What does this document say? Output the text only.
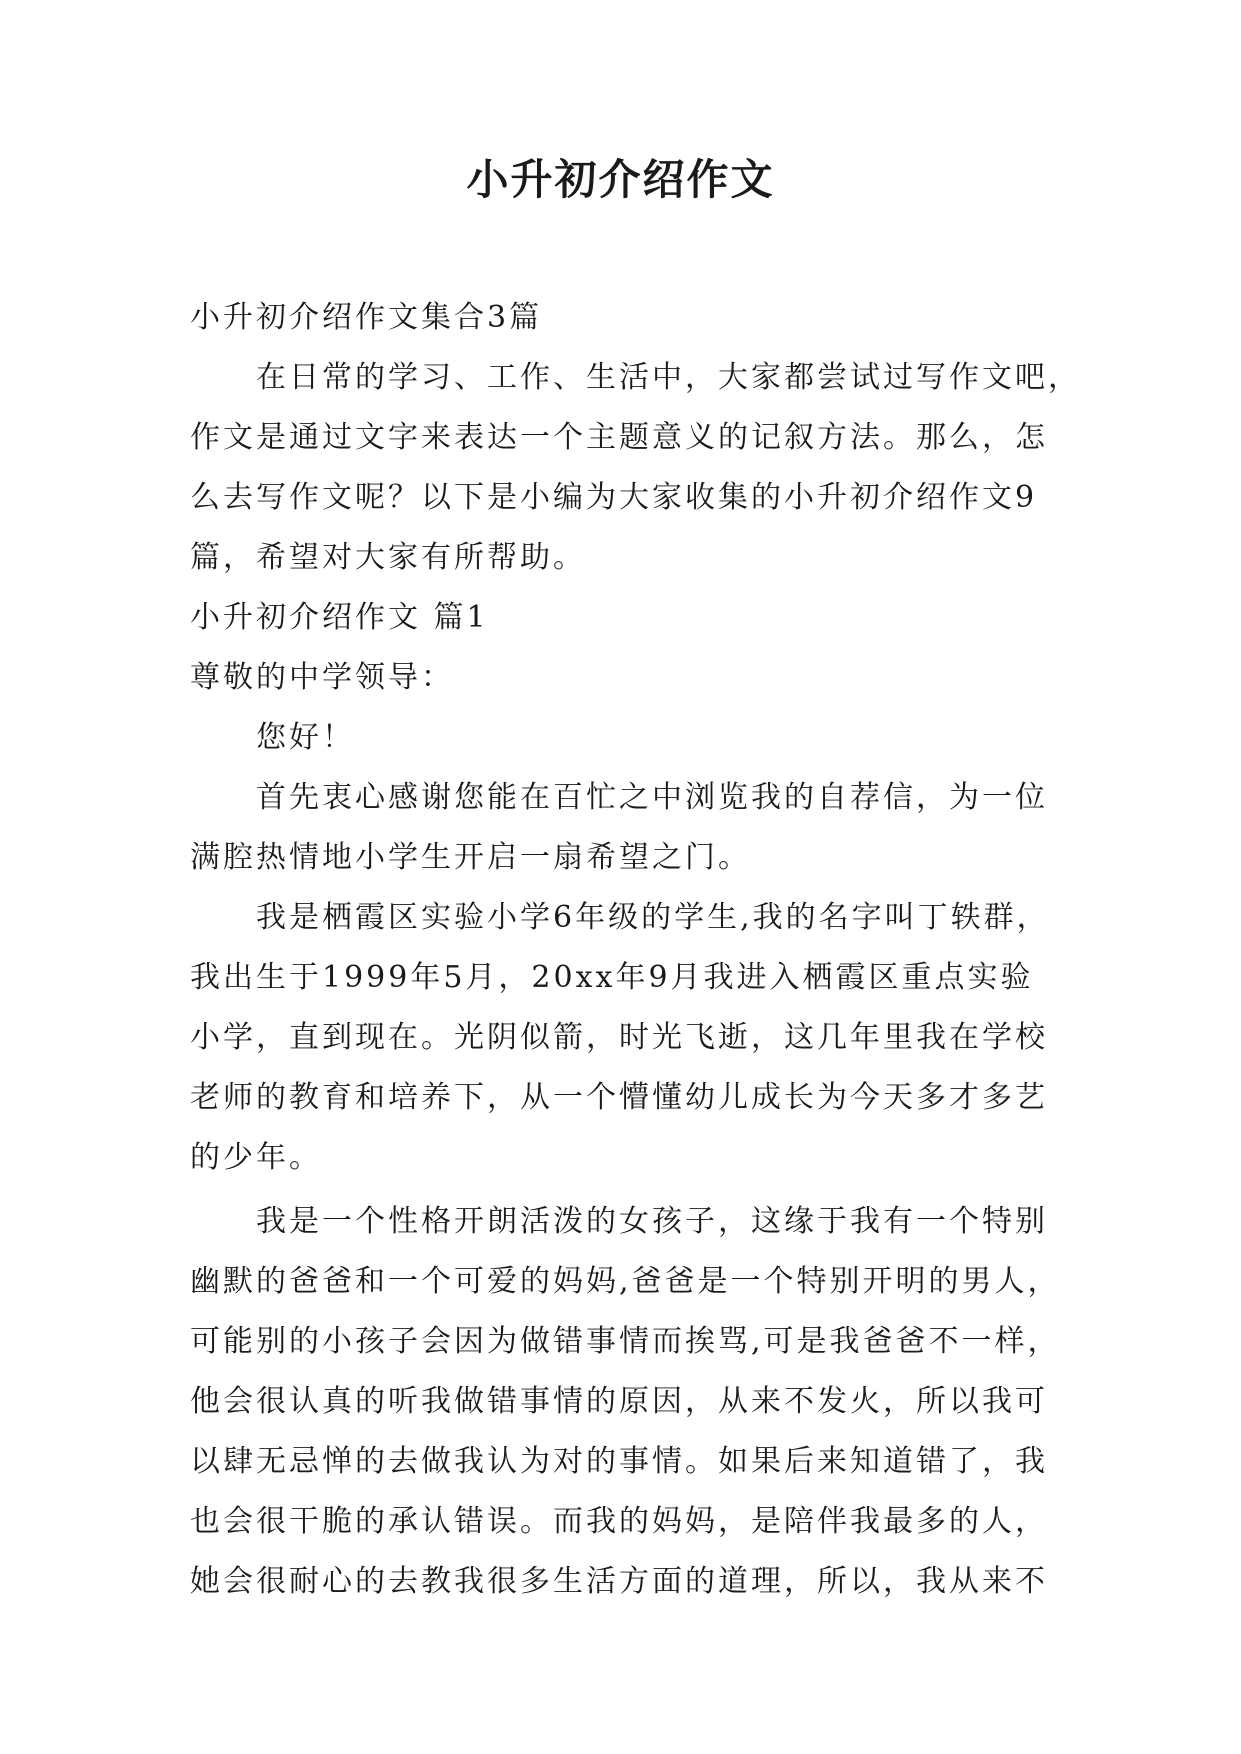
小升初介绍作文

小升初介绍作文集合3篇

在日常的学习、工作、生活中，大家都尝试过写作文吧，

作文是通过文字来表达一个主题意义的记叙方法。那么，怎

么去写作文呢？以下是小编为大家收集的小升初介绍作文9

篇，希望对大家有所帮助。

小升初介绍作文 篇1

尊敬的中学领导：

您好！

首先衷心感谢您能在百忙之中浏览我的自荐信，为一位

满腔热情地小学生开启一扇希望之门。

我是栖霞区实验小学6年级的学生,我的名字叫丁轶群，

我出生于1999年5月，20xx年9月我进入栖霞区重点实验

小学，直到现在。光阴似箭，时光飞逝，这几年里我在学校

老师的教育和培养下，从一个懵懂幼儿成长为今天多才多艺

的少年。

我是一个性格开朗活泼的女孩子，这缘于我有一个特别

幽默的爸爸和一个可爱的妈妈,爸爸是一个特别开明的男人，

可能别的小孩子会因为做错事情而挨骂,可是我爸爸不一样，

他会很认真的听我做错事情的原因，从来不发火，所以我可

以肆无忌惮的去做我认为对的事情。如果后来知道错了，我

也会很干脆的承认错误。而我的妈妈，是陪伴我最多的人，

她会很耐心的去教我很多生活方面的道理，所以，我从来不
